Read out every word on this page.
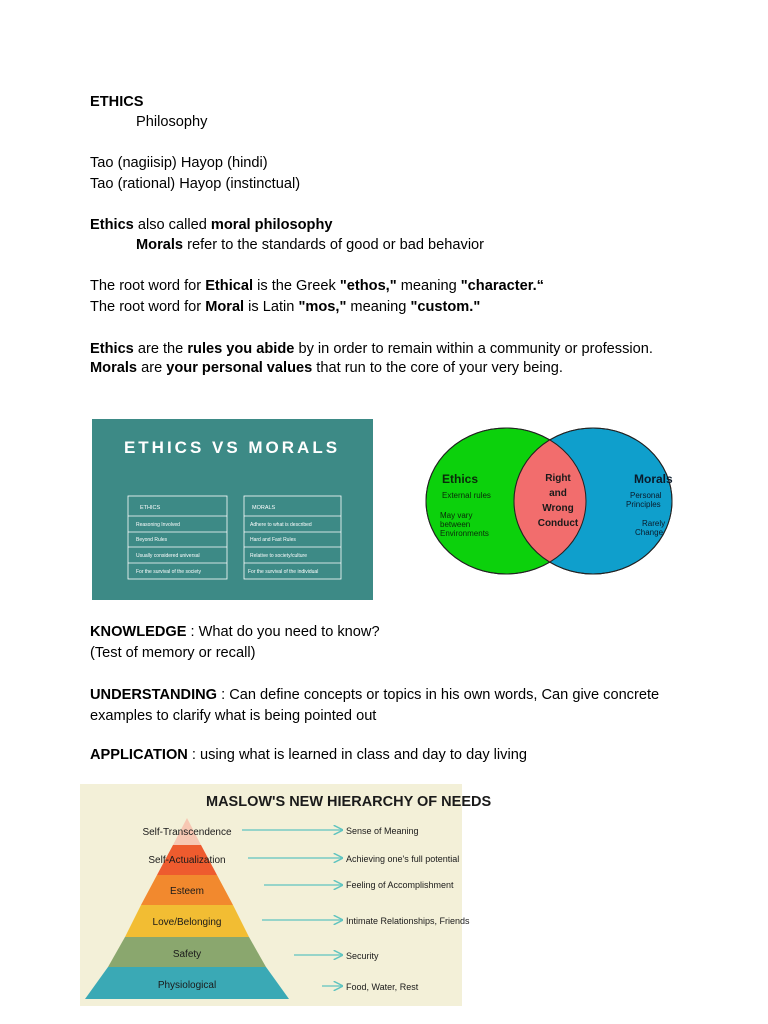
ETHICS
Philosophy
Tao (nagiisip) Hayop (hindi)
Tao (rational) Hayop (instinctual)
Ethics also called moral philosophy
Morals refer to the standards of good or bad behavior
The root word for Ethical is the Greek "ethos," meaning "character.“
The root word for Moral is Latin "mos," meaning "custom."
Ethics are the rules you abide by in order to remain within a community or profession.
Morals are your personal values that run to the core of your very being.
ETHICS VS MORALS
ETHICS
Reasoning Involved
Beyond Rules
Usually considered universal
For the survival of the society
MORALS
Adhere to what is described
Hard and Fast Rules
Relative to society/culture
For the survival of the individual
Ethics
External rules
May vary
between
Environments
Right
and
Wrong
Conduct
Morals
Personal
Principles
Rarely
Change
KNOWLEDGE : What do you need to know?
(Test of memory or recall)
UNDERSTANDING : Can define concepts or topics in his own words, Can give concrete examples to clarify what is being pointed out
APPLICATION : using what is learned in class and day to day living
MASLOW'S NEW HIERARCHY OF NEEDS
Self-Transcendence
Self-Actualization
Esteem
Love/Belonging
Safety
Physiological
Sense of Meaning
Achieving one's full potential
Feeling of Accomplishment
Intimate Relationships, Friends
Security
Food, Water, Rest
